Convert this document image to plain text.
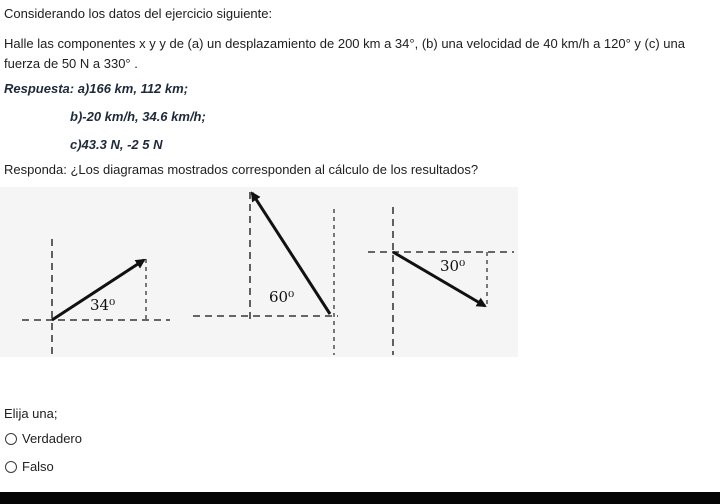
Considerando los datos del ejercicio siguiente:
Halle las componentes x y y de (a) un desplazamiento de 200 km a 34°, (b) una velocidad de 40 km/h a 120° y (c) una fuerza de 50 N a 330° .
Respuesta: a)166 km, 112 km;
b)-20 km/h, 34.6 km/h;
c)43.3 N, -2 5 N
Responda: ¿Los diagramas mostrados corresponden al cálculo de los resultados?
34⁰	60⁰
30⁰
Elija una;
Verdadero
Falso
